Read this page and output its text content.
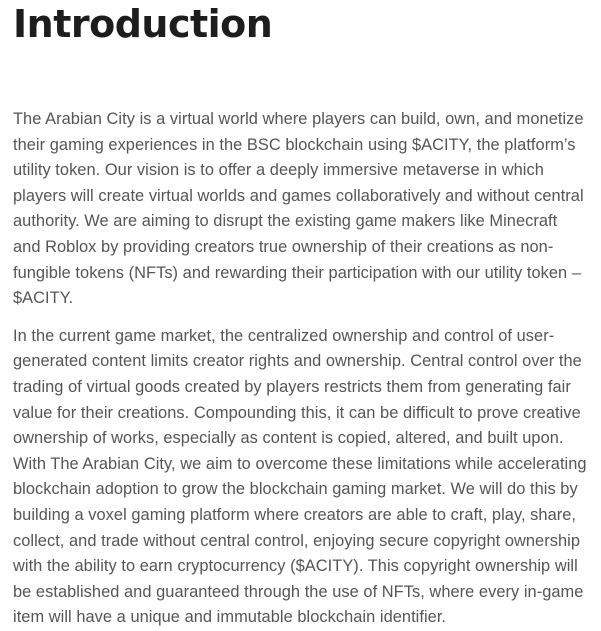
Introduction

The Arabian City is a virtual world where players can build, own, and monetize their gaming experiences in the BSC blockchain using $ACITY, the platform’s utility token. Our vision is to offer a deeply immersive metaverse in which players will create virtual worlds and games collaboratively and without central authority. We are aiming to disrupt the existing game makers like Minecraft and Roblox by providing creators true ownership of their creations as non-fungible tokens (NFTs) and rewarding their participation with our utility token – $ACITY.

In the current game market, the centralized ownership and control of user-generated content limits creator rights and ownership. Central control over the trading of virtual goods created by players restricts them from generating fair value for their creations. Compounding this, it can be difficult to prove creative ownership of works, especially as content is copied, altered, and built upon. With The Arabian City, we aim to overcome these limitations while accelerating blockchain adoption to grow the blockchain gaming market. We will do this by building a voxel gaming platform where creators are able to craft, play, share, collect, and trade without central control, enjoying secure copyright ownership with the ability to earn cryptocurrency ($ACITY). This copyright ownership will be established and guaranteed through the use of NFTs, where every in-game item will have a unique and immutable blockchain identifier.
